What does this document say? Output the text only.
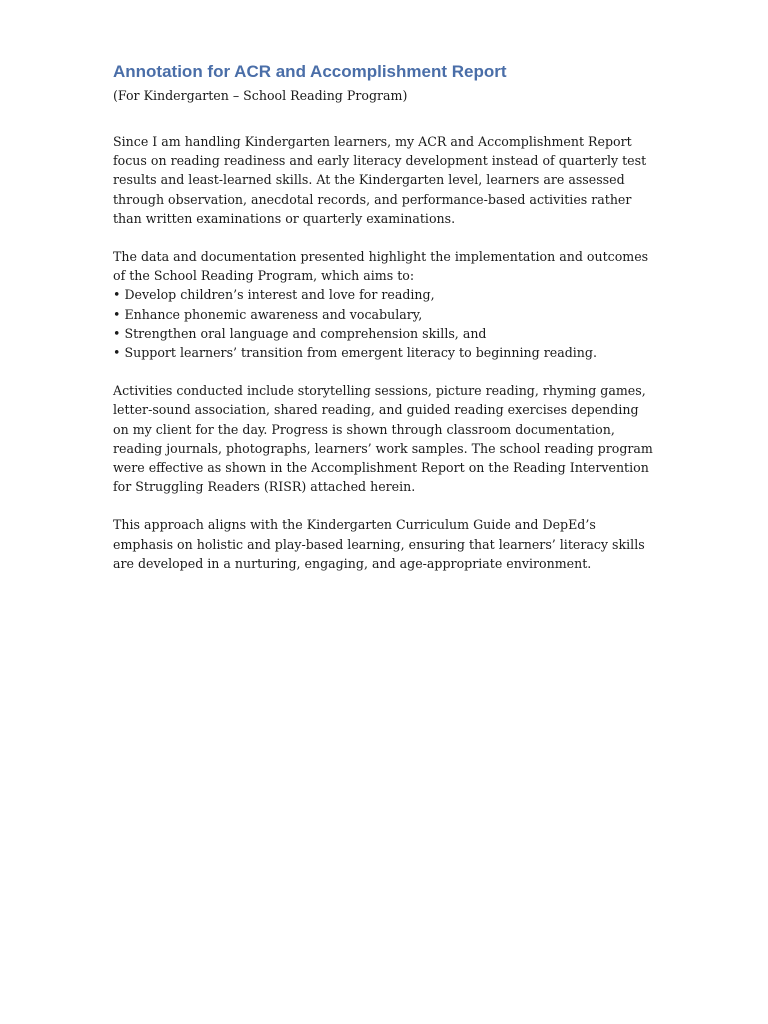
Annotation for ACR and Accomplishment Report

(For Kindergarten – School Reading Program)

Since I am handling Kindergarten learners, my ACR and Accomplishment Report focus on reading readiness and early literacy development instead of quarterly test results and least-learned skills. At the Kindergarten level, learners are assessed through observation, anecdotal records, and performance-based activities rather than written examinations or quarterly examinations.

The data and documentation presented highlight the implementation and outcomes of the School Reading Program, which aims to:

• Develop children’s interest and love for reading,
• Enhance phonemic awareness and vocabulary,
• Strengthen oral language and comprehension skills, and
• Support learners’ transition from emergent literacy to beginning reading.

Activities conducted include storytelling sessions, picture reading, rhyming games, letter-sound association, shared reading, and guided reading exercises depending on my client for the day. Progress is shown through classroom documentation, reading journals, photographs, learners’ work samples. The school reading program were effective as shown in the Accomplishment Report on the Reading Intervention for Struggling Readers (RISR) attached herein.

This approach aligns with the Kindergarten Curriculum Guide and DepEd’s emphasis on holistic and play-based learning, ensuring that learners’ literacy skills are developed in a nurturing, engaging, and age-appropriate environment.
